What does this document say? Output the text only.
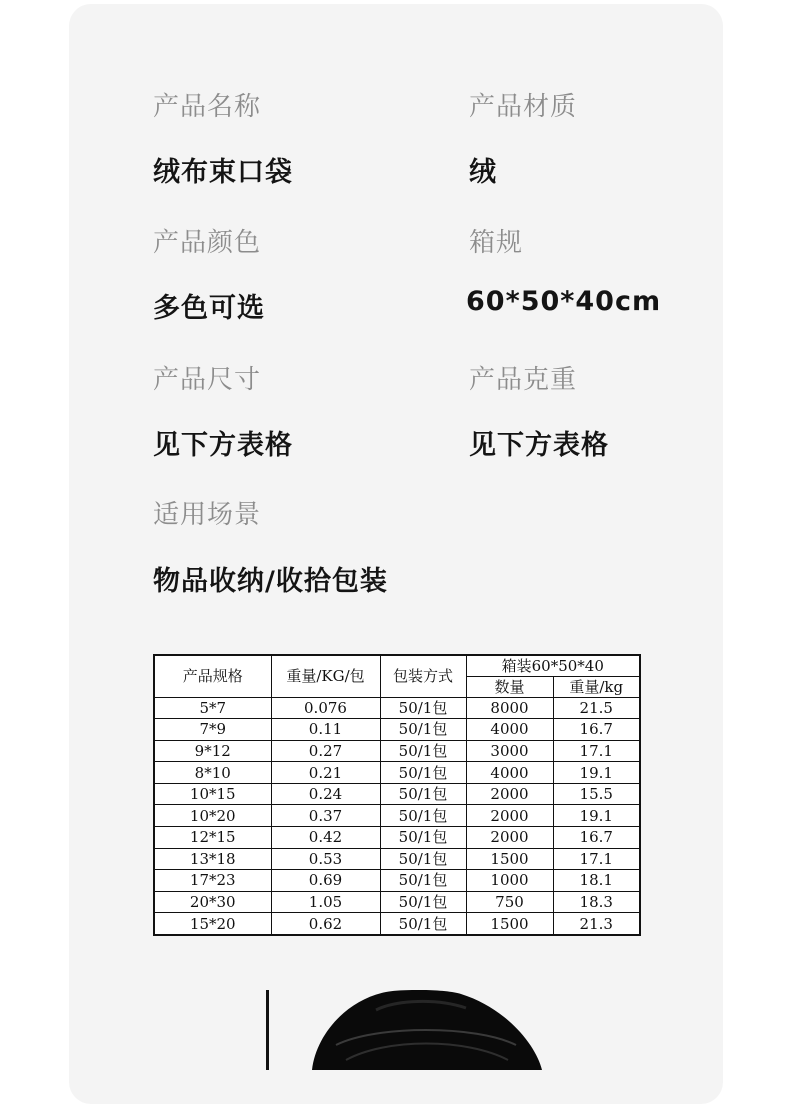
产品名称
绒布束口袋
产品材质
绒
产品颜色
多色可选
箱规
60*50*40cm
产品尺寸
见下方表格
产品克重
见下方表格
适用场景
物品收纳/收拾包装
产品规格	重量/KG/包	包装方式	箱装60*50*40	
			数量	重量/kg
5*7	0.076	50/1包	8000	21.5
7*9	0.11	50/1包	4000	16.7
9*12	0.27	50/1包	3000	17.1
8*10	0.21	50/1包	4000	19.1
10*15	0.24	50/1包	2000	15.5
10*20	0.37	50/1包	2000	19.1
12*15	0.42	50/1包	2000	16.7
13*18	0.53	50/1包	1500	17.1
17*23	0.69	50/1包	1000	18.1
20*30	1.05	50/1包	750	18.3
15*20	0.62	50/1包	1500	21.3
